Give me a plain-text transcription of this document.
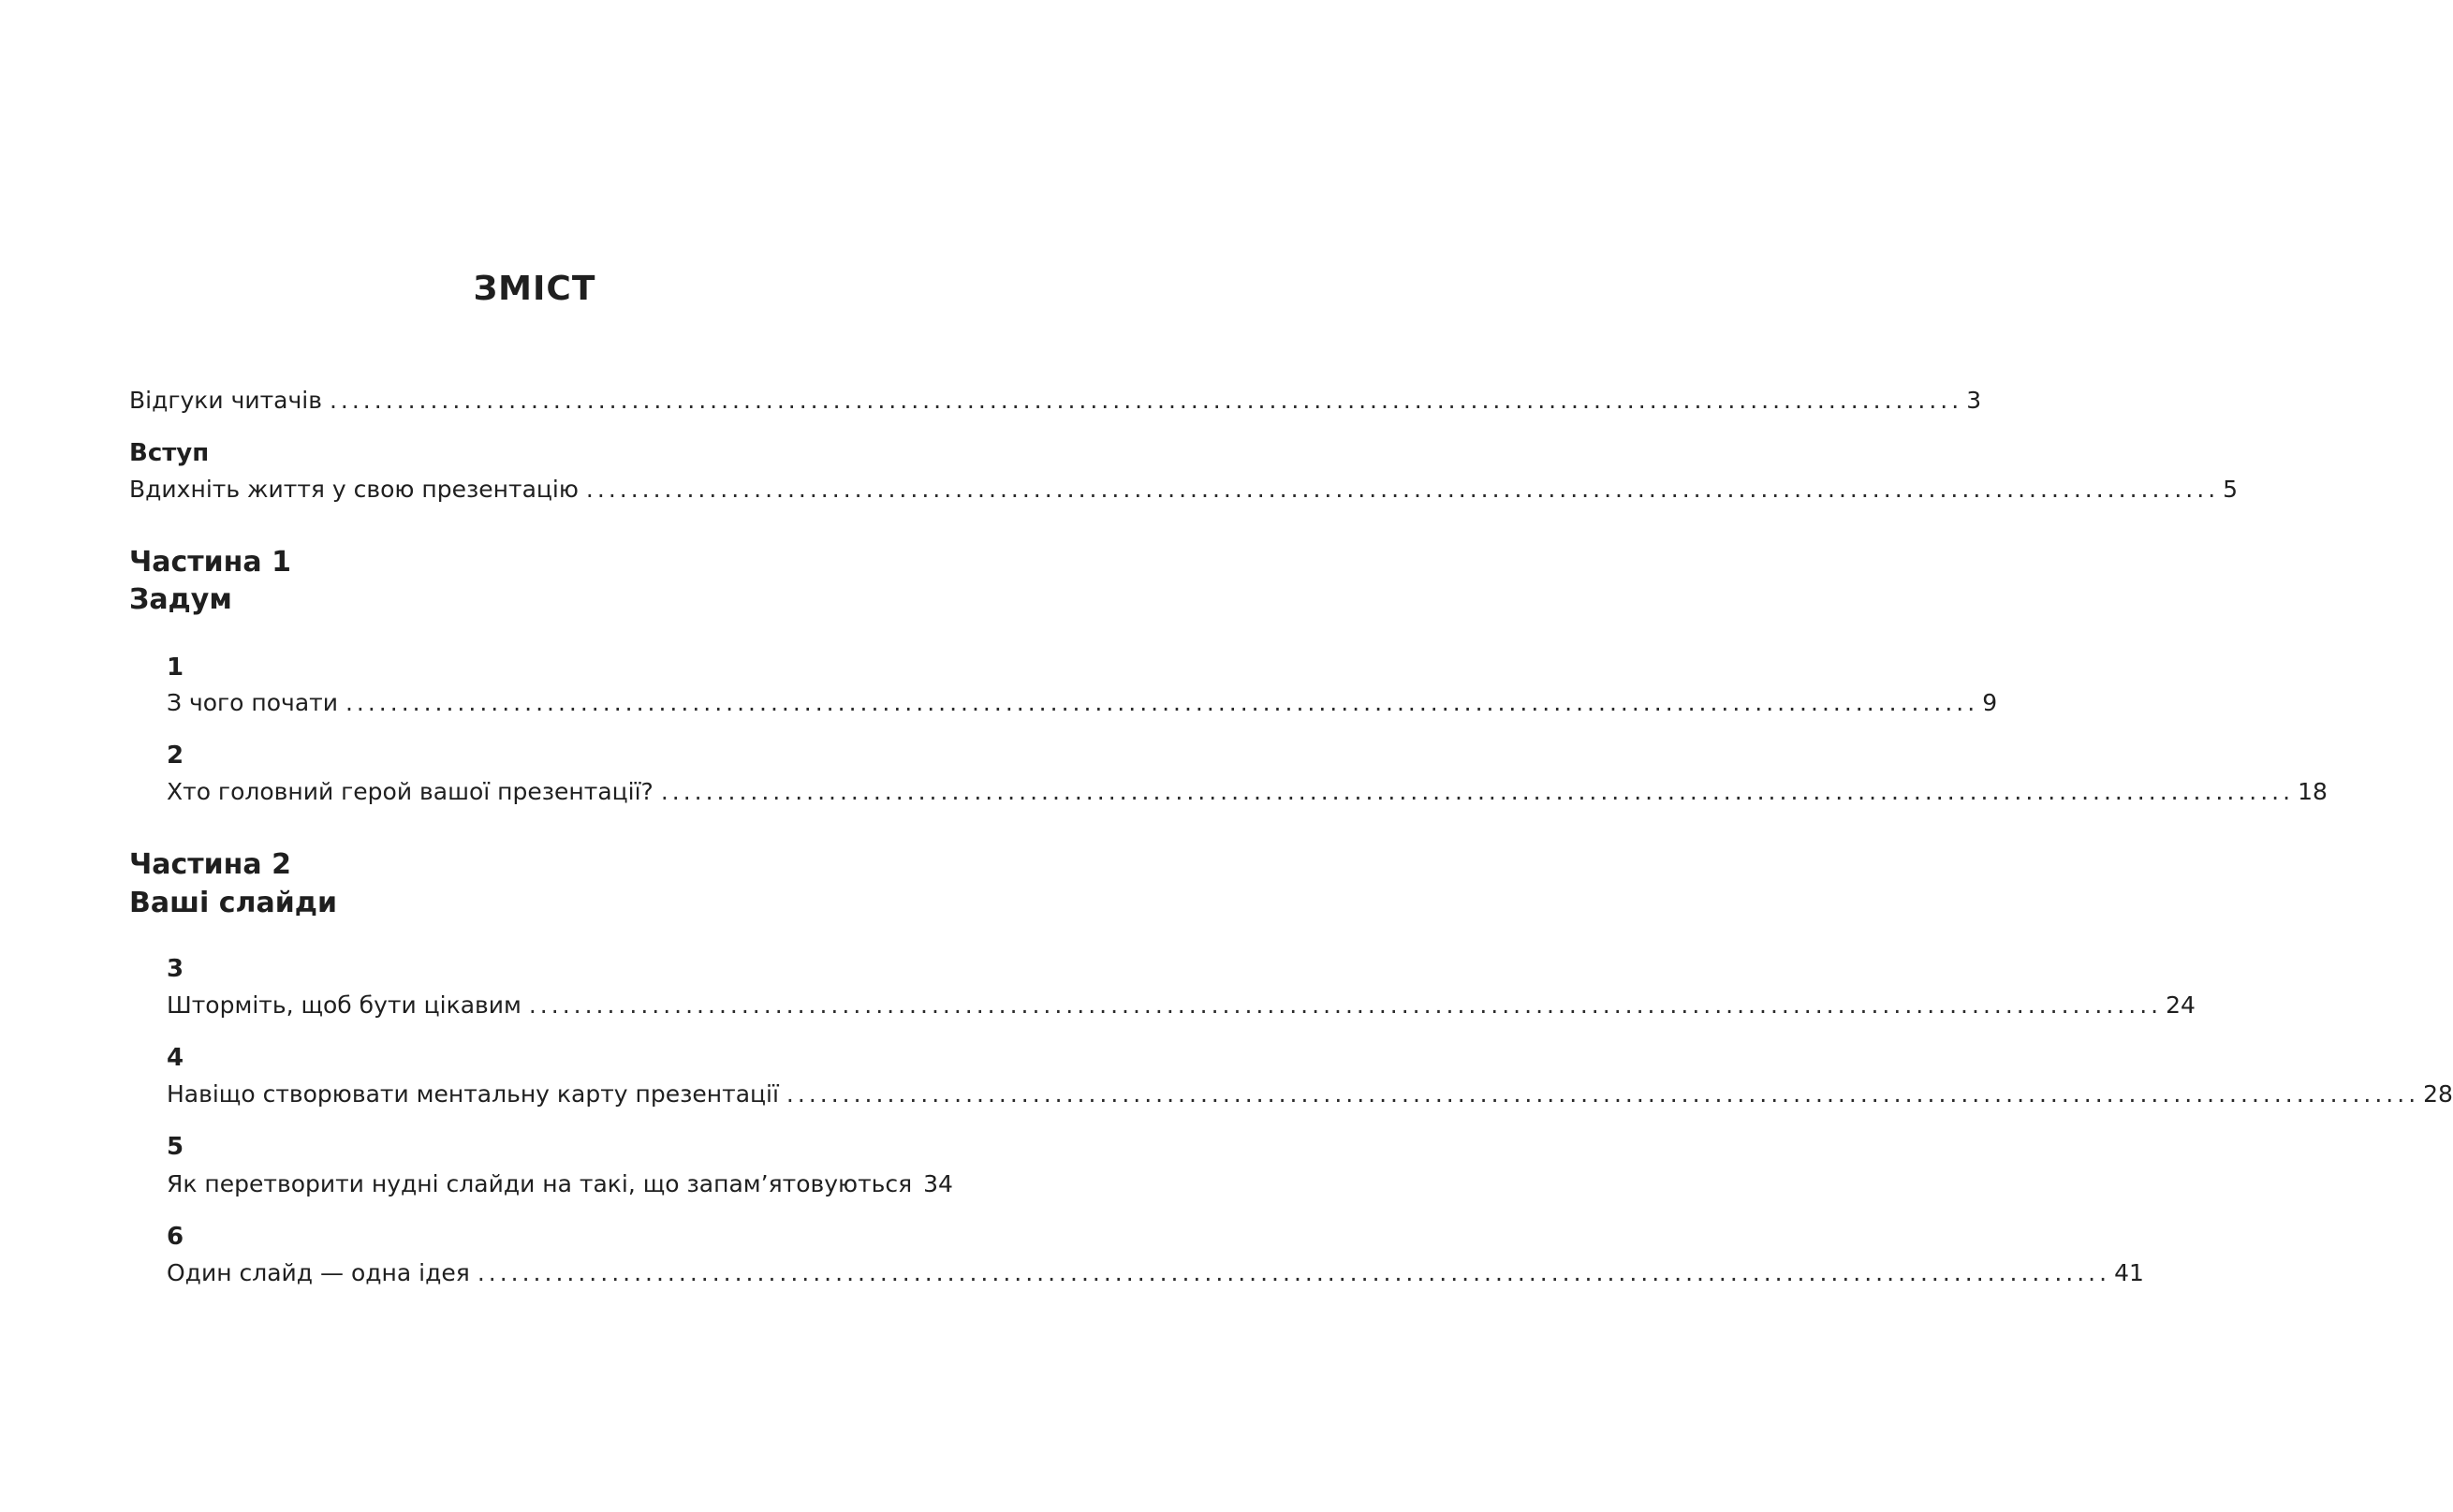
ЗМІСТ
Відгуки читачів .................................................................................................................................................. 3
Вступ
Вдихніть життя у свою презентацію .................................................................................................................................................. 5
Частина 1
Задум
1
З чого почати .................................................................................................................................................. 9
2
Хто головний герой вашої презентації? .................................................................................................................................................. 18
Частина 2
Ваші слайди
3
Штормiть, щоб бути цікавим .................................................................................................................................................. 24
4
Навіщо створювати ментальну карту презентації .................................................................................................................................................. 28
5
Як перетворити нудні слайди на такі, що запам’ятовуються 34
6
Один слайд — одна ідея .................................................................................................................................................. 41
